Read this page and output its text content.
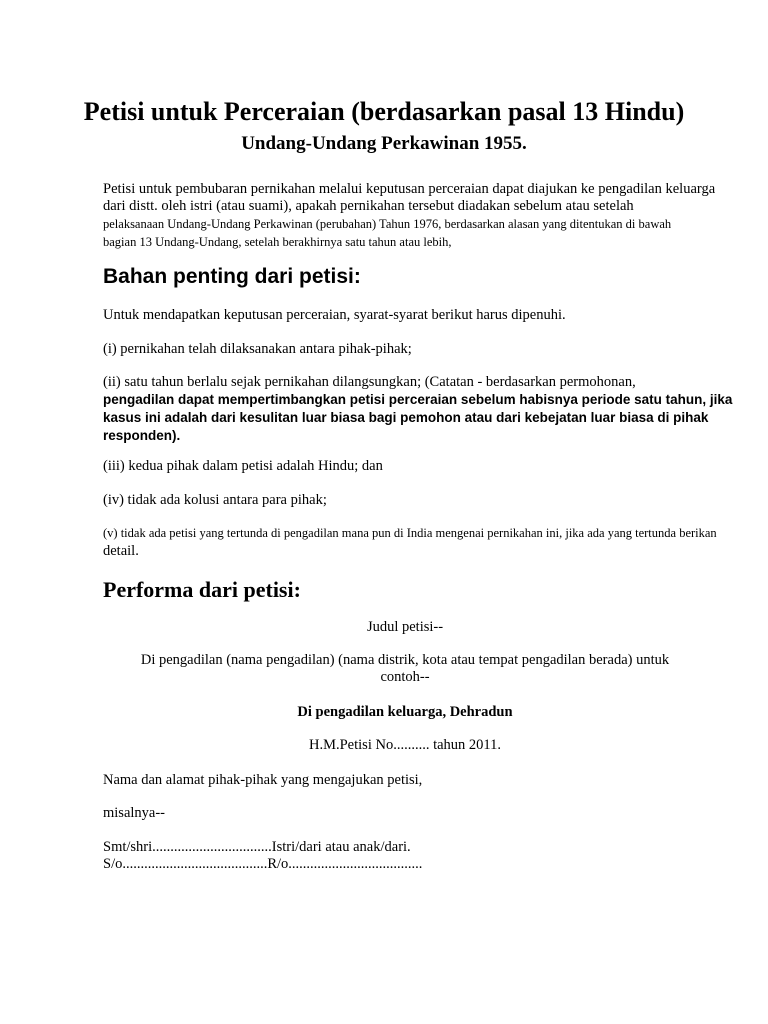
Petisi untuk Perceraian (berdasarkan pasal 13 Hindu)
Undang-Undang Perkawinan 1955.
Petisi untuk pembubaran pernikahan melalui keputusan perceraian dapat diajukan ke pengadilan keluarga
dari distt. oleh istri (atau suami), apakah pernikahan tersebut diadakan sebelum atau setelah
pelaksanaan Undang-Undang Perkawinan (perubahan) Tahun 1976, berdasarkan alasan yang ditentukan di bawah
bagian 13 Undang-Undang, setelah berakhirnya satu tahun atau lebih,
Bahan penting dari petisi:
Untuk mendapatkan keputusan perceraian, syarat-syarat berikut harus dipenuhi.
(i) pernikahan telah dilaksanakan antara pihak-pihak;
(ii) satu tahun berlalu sejak pernikahan dilangsungkan; (Catatan - berdasarkan permohonan,
pengadilan dapat mempertimbangkan petisi perceraian sebelum habisnya periode satu tahun, jika
kasus ini adalah dari kesulitan luar biasa bagi pemohon atau dari kebejatan luar biasa di pihak
responden).
(iii) kedua pihak dalam petisi adalah Hindu; dan
(iv) tidak ada kolusi antara para pihak;
(v) tidak ada petisi yang tertunda di pengadilan mana pun di India mengenai pernikahan ini, jika ada yang tertunda berikan
detail.
Performa dari petisi:
Judul petisi--
Di pengadilan (nama pengadilan) (nama distrik, kota atau tempat pengadilan berada) untuk
contoh--
Di pengadilan keluarga, Dehradun
H.M.Petisi No.......... tahun 2011.
Nama dan alamat pihak-pihak yang mengajukan petisi,
misalnya--
Smt/shri.................................Istri/dari atau anak/dari.
S/o........................................R/o.....................................
